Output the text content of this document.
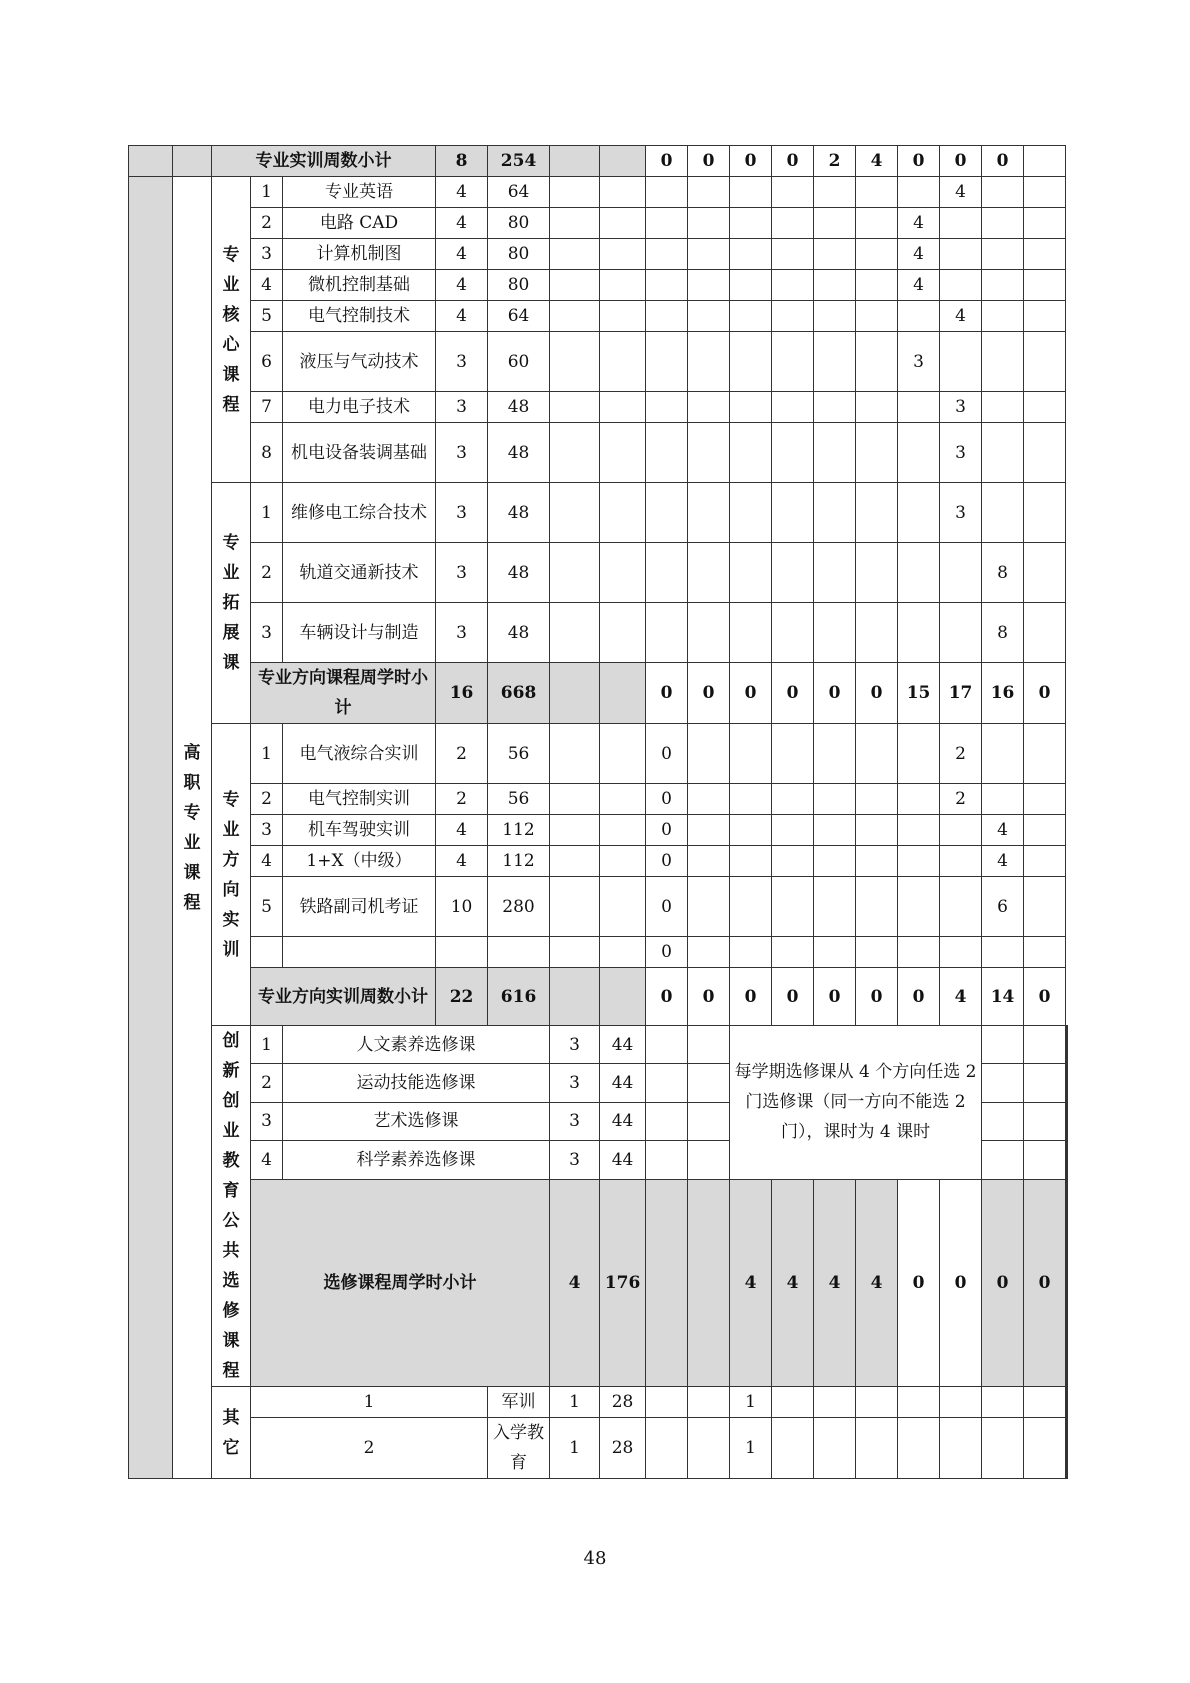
		专业实训周数小计			8	254			0	0	0	0	2	4	0	0	0		

	高职专业课程	专业核心课程	1	专业英语	4	64										4			
			2	电路 CAD	4	80									4				
			3	计算机制图	4	80									4				
			4	微机控制基础	4	80									4				
			5	电气控制技术	4	64										4			
			6	液压与气动技术	3	60									3				
			7	电力电子技术	3	48										3			
			8	机电设备装调基础	3	48										3			

		专业拓展课	1	维修电工综合技术	3	48										3			
			2	轨道交通新技术	3	48											8		
			3	车辆设计与制造	3	48											8		
			专业方向课程周学时小计		16	668			0	0	0	0	0	0	15	17	16	0	

		专业方向实训	1	电气液综合实训	2	56			0							2			
			2	电气控制实训	2	56			0							2			
			3	机车驾驶实训	4	112			0								4		
			4	1+X（中级）	4	112			0								4		
			5	铁路副司机考证	10	280			0								6		
									0										
			专业方向实训周数小计		22	616			0	0	0	0	0	0	0	4	14	0	

		创新创业教育公共选修课程	1	人文素养选修课			3	44			每学期选修课从 4 个方向任选 2 门选修课（同一方向不能选 2 门），课时为 4 课时								
			2	运动技能选修课			3	44											
			3	艺术选修课			3	44											
			4	科学素养选修课			3	44											
			选修课程周学时小计				4	176			4	4	4	4	0	0	0	0		

		其它	1			军训	1	28			1									
			2			入学教育	1	28			1									
48
